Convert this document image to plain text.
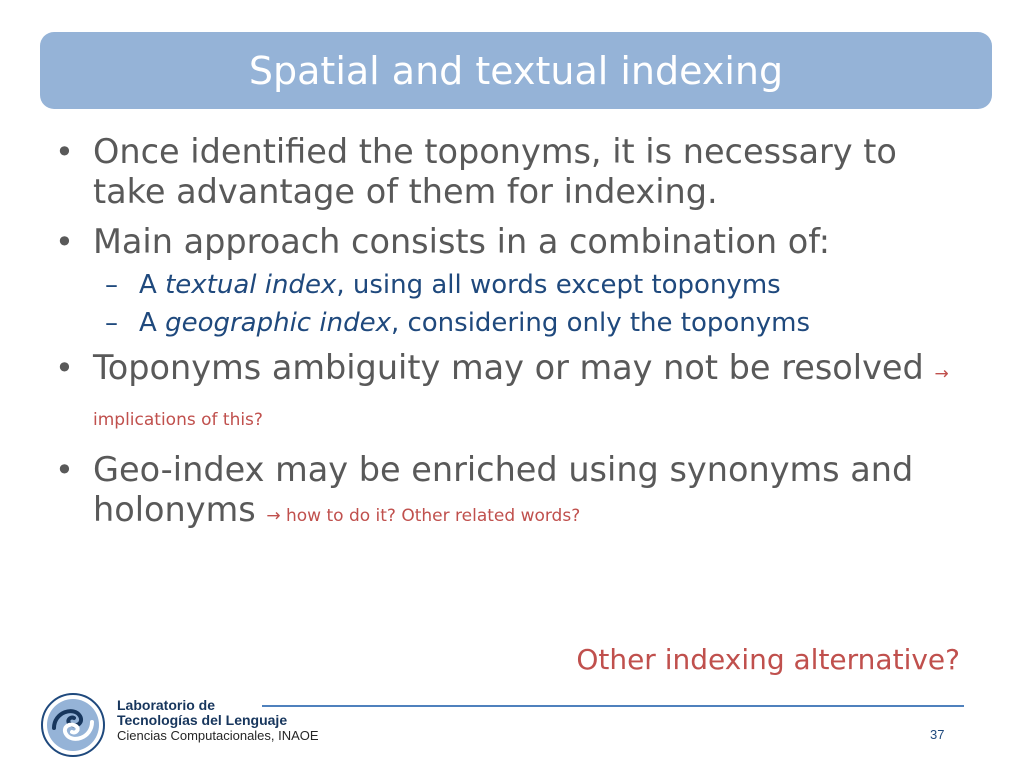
Spatial and textual indexing
• Once identified the toponyms, it is necessary to take advantage of them for indexing.
• Main approach consists in a combination of:
– A textual index, using all words except toponyms
– A geographic index, considering only the toponyms
• Toponyms ambiguity may or may not be resolved → implications of this?
• Geo-index may be enriched using synonyms and holonyms → how to do it? Other related words?
Other indexing alternative?
Laboratorio de
Tecnologías del Lenguaje
Ciencias Computacionales, INAOE	37
